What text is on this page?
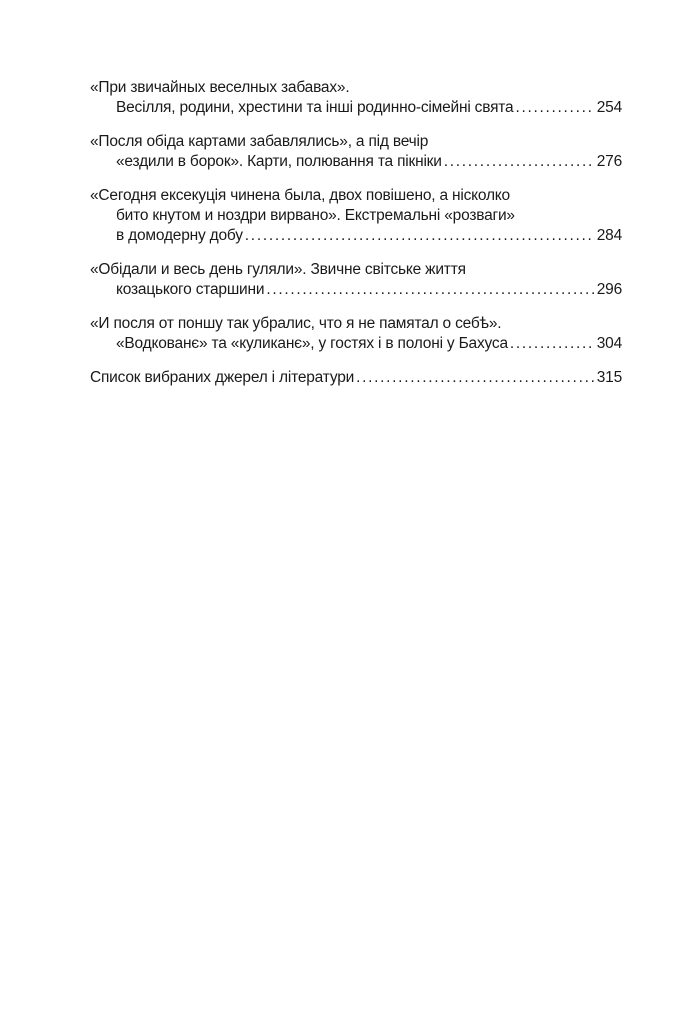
«При звичайных веселных забавах».
Весілля, родини, хрестини та інші родинно-сімейні свята . . .	254
«Посля обіда картами забавлялись», а під вечір
«ездили в борок». Карти, полювання та пікніки . . .	276
«Сегодня ексекуція чинена была, двох повішено, а нісколко
бито кнутом и ноздри вирвано». Екстремальні «розваги»
в домодерну добу . . .	284
«Обідали и весь день гуляли». Звичне світське життя
козацького старшини . . .	296
«И посля от поншу так убралис, что я не памятал о себѣ».
«Водкованє» та «куликанє», у гостях і в полоні у Бахуса . . .	304
Список вибраних джерел і літератури . . .	315
